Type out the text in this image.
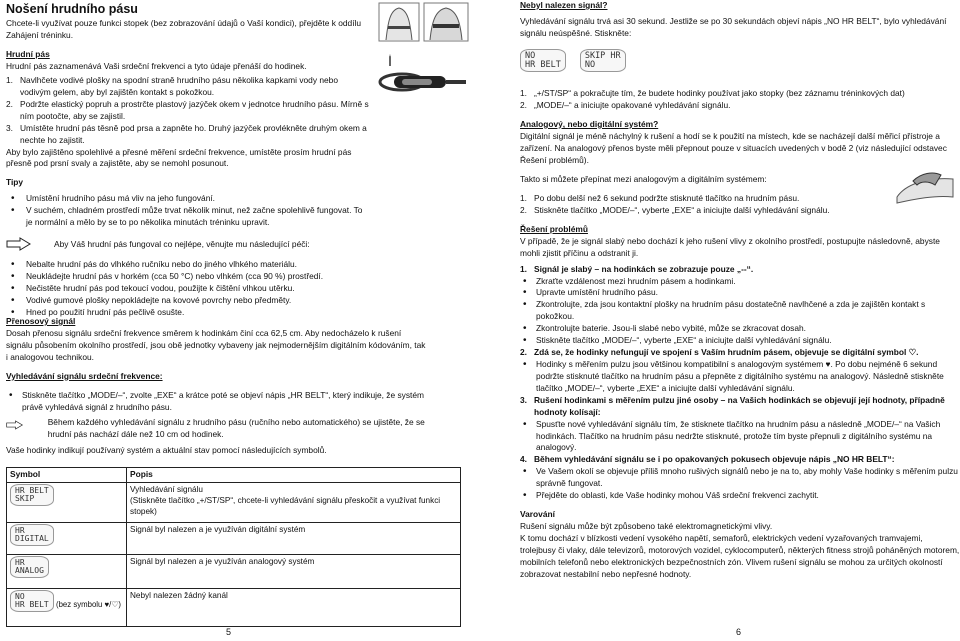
Nošení hrudního pásu

Chcete-li využívat pouze funkci stopek (bez zobrazování údajů o Vaší kondici), přejděte k oddílu Zahájení tréninku.

Hrudní pás

Hrudní pás zaznamenává Vaši srdeční frekvenci a tyto údaje přenáší do hodinek.

1. Navlhčete vodivé plošky na spodní straně hrudního pásu několika kapkami vody nebo vodivým gelem, aby byl zajištěn kontakt s pokožkou.
2. Podržte elastický popruh a prostrčte plastový jazýček okem v jednotce hrudního pásu. Mírně s ním pootočte, aby se zajistil.
3. Umístěte hrudní pás těsně pod prsa a zapněte ho. Druhý jazýček provlékněte druhým okem a nechte ho zajistit.

Aby bylo zajištěno spolehlivé a přesné měření srdeční frekvence, umístěte prosím hrudní pás přesně pod prsní svaly a zajistěte, aby se nemohl posunout.

Tipy

• Umístění hrudního pásu má vliv na jeho fungování.
• V suchém, chladném prostředí může trvat několik minut, než začne spolehlivě fungovat. To je normální a mělo by se to po několika minutách tréninku upravit.

Aby Váš hrudní pás fungoval co nejlépe, věnujte mu následující péči:

• Nebalte hrudní pás do vlhkého ručníku nebo do jiného vlhkého materiálu.
• Neukládejte hrudní pás v horkém (cca 50 °C) nebo vlhkém (cca 90 %) prostředí.
• Nečistěte hrudní pás pod tekoucí vodou, použijte k čištění vlhkou utěrku.
• Vodivé gumové plošky nepokládejte na kovové povrchy nebo předměty.
• Hned po použití hrudní pás pečlivě osušte.

Přenosový signál

Dosah přenosu signálu srdeční frekvence směrem k hodinkám činí cca 62,5 cm. Aby nedocházelo k rušení signálu působením okolního prostředí, jsou obě jednotky vybaveny jak nejmodernějším digitálním kódováním, tak i analogovou technikou.

Vyhledávání signálu srdeční frekvence:

• Stiskněte tlačítko „MODE/–“, zvolte „EXE“ a krátce poté se objeví nápis „HR BELT“, který indikuje, že systém právě vyhledává signál z hrudního pásu.

Během každého vyhledávání signálu z hrudního pásu (ručního nebo automatického) se ujistěte, že se hrudní pás nachází dále než 10 cm od hodinek.

Vaše hodinky indikují používaný systém a aktuální stav pomocí následujících symbolů.

Symbol	Popis
HR BELT
SKIP	Vyhledávání signálu
(Stiskněte tlačítko „+/ST/SP“, chcete-li vyhledávání signálu přeskočit a využívat funkci stopek)
HR
DIGITAL	Signál byl nalezen a je využíván digitální systém
HR
ANALOG	Signál byl nalezen a je využíván analogový systém
NO
HR BELT (bez symbolu ♥/♡)	Nebyl nalezen žádný kanál
5

Nebyl nalezen signál?

Vyhledávání signálu trvá asi 30 sekund. Jestliže se po 30 sekundách objeví nápis „NO HR BELT“, bylo vyhledávání signálu neúspěšné. Stiskněte:

NO
HR BELT
SKIP HR
NO
1. „+/ST/SP“ a pokračujte tím, že budete hodinky používat jako stopky (bez záznamu tréninkových dat)
2. „MODE/–“ a iniciujte opakované vyhledávání signálu.

Analogový, nebo digitální systém?

Digitální signál je méně náchylný k rušení a hodí se k použití na místech, kde se nacházejí další měřicí přístroje a zařízení. Na analogový přenos byste měli přepnout pouze v situacích uvedených v bodě 2 (viz následující odstavec Řešení problémů).

Takto si můžete přepínat mezi analogovým a digitálním systémem:

1. Po dobu delší než 6 sekund podržte stisknuté tlačítko na hrudním pásu.
2. Stiskněte tlačítko „MODE/–“, vyberte „EXE“ a iniciujte další vyhledávání signálu.

Řešení problémů

V případě, že je signál slabý nebo dochází k jeho rušení vlivy z okolního prostředí, postupujte následovně, abyste mohli zjistit příčinu a odstranit ji.

1. Signál je slabý – na hodinkách se zobrazuje pouze „--“.
• Zkraťte vzdálenost mezi hrudním pásem a hodinkami.
• Upravte umístění hrudního pásu.
• Zkontrolujte, zda jsou kontaktní plošky na hrudním pásu dostatečně navlhčené a zda je zajištěn kontakt s pokožkou.
• Zkontrolujte baterie. Jsou-li slabé nebo vybité, může se zkracovat dosah.
• Stiskněte tlačítko „MODE/–“, vyberte „EXE“ a iniciujte další vyhledávání signálu.
2. Zdá se, že hodinky nefungují ve spojení s Vaším hrudním pásem, objevuje se digitální symbol ♡.
• Hodinky s měřením pulzu jsou většinou kompatibilní s analogovým systémem ♥. Po dobu nejméně 6 sekund podržte stisknuté tlačítko na hrudním pásu a přepněte z digitálního systému na analogový. Následně stiskněte tlačítko „MODE/–“, vyberte „EXE“ a iniciujte další vyhledávání signálu.
3. Rušení hodinkami s měřením pulzu jiné osoby – na Vašich hodinkách se objevují její hodnoty, případně hodnoty kolísají:
• Spusťte nové vyhledávání signálu tím, že stisknete tlačítko na hrudním pásu a následně „MODE/–“ na Vašich hodinkách. Tlačítko na hrudním pásu nedržte stisknuté, protože tím byste přepnuli z digitálního systému na analogový.
4. Během vyhledávání signálu se i po opakovaných pokusech objevuje nápis „NO HR BELT“:
• Ve Vašem okolí se objevuje příliš mnoho rušivých signálů nebo je na to, aby mohly Vaše hodinky s měřením pulzu správně fungovat.
• Přejděte do oblasti, kde Vaše hodinky mohou Váš srdeční frekvenci zachytit.

Varování

Rušení signálu může být způsobeno také elektromagnetickými vlivy.

K tomu dochází v blízkosti vedení vysokého napětí, semaforů, elektrických vedení vyzařovaných tramvajemi, trolejbusy či vlaky, dále televizorů, motorových vozidel, cyklocomputerů, některých fitness strojů poháněných motorem, mobilních telefonů nebo elektronických bezpečnostních zón. Vlivem rušení signálu se mohou za určitých okolností zobrazovat nestabilní nebo nepřesné hodnoty.

6
